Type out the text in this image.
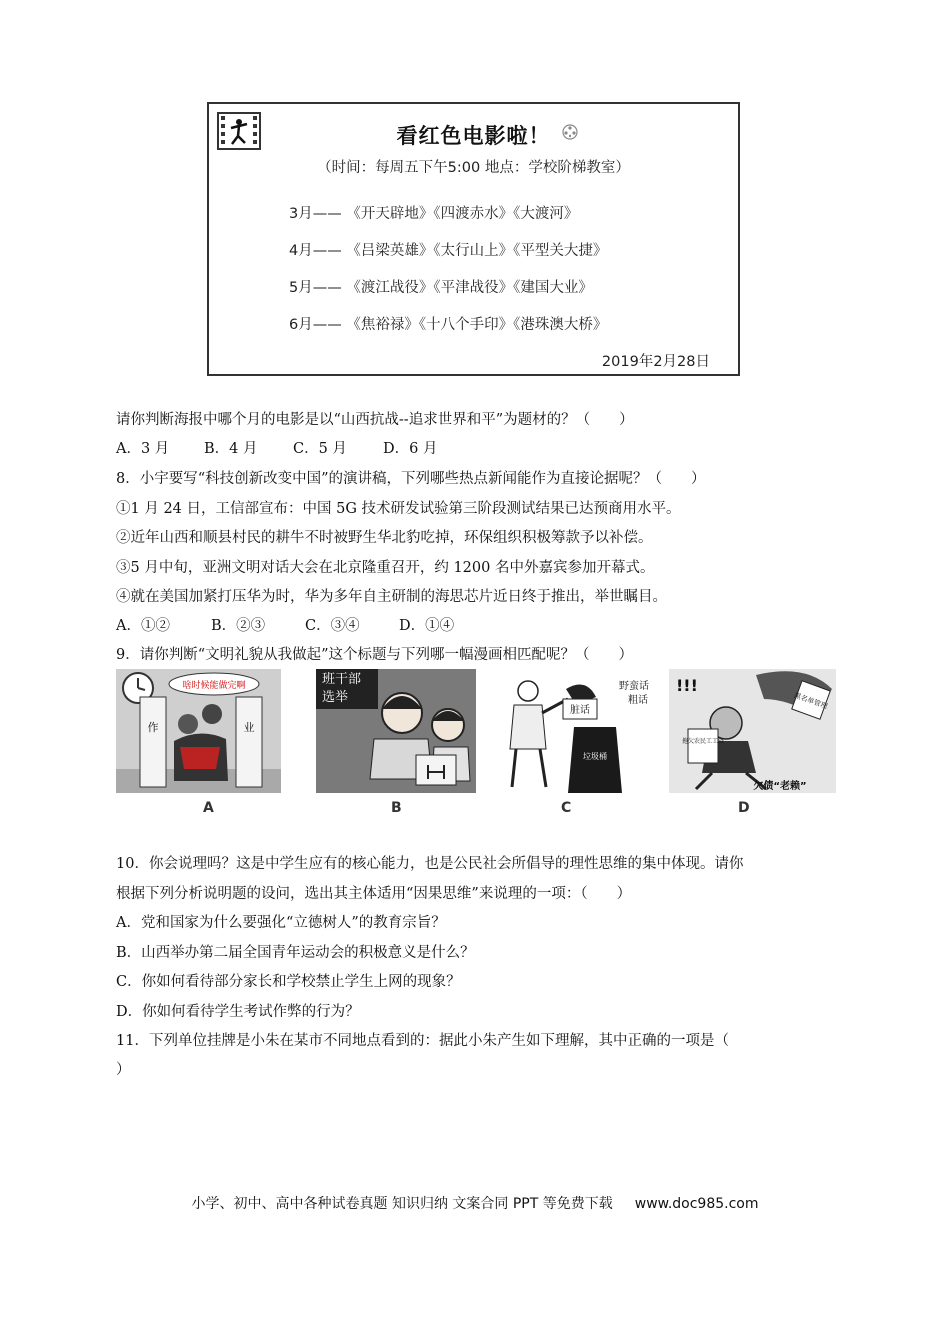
看红色电影啦！
（时间：每周五下午5:00 地点：学校阶梯教室）
3月—— 《开天辟地》《四渡赤水》《大渡河》
4月—— 《吕梁英雄》《太行山上》《平型关大捷》
5月—— 《渡江战役》《平津战役》《建国大业》
6月—— 《焦裕禄》《十八个手印》《港珠澳大桥》
2019年2月28日
请你判断海报中哪个月的电影是以“山西抗战--追求世界和平”为题材的？（　　）
A．3 月 B．4 月 C．5 月 D．6 月
8．小宇要写“科技创新改变中国”的演讲稿，下列哪些热点新闻能作为直接论据呢？（　　）
①1 月 24 日，工信部宣布：中国 5G 技术研发试验第三阶段测试结果已达预商用水平。
②近年山西和顺县村民的耕牛不时被野生华北豹吃掉，环保组织积极筹款予以补偿。
③5 月中旬，亚洲文明对话大会在北京隆重召开，约 1200 名中外嘉宾参加开幕式。
④就在美国加紧打压华为时，华为多年自主研制的海思芯片近日终于推出，举世瞩目。
A．①②	B．②③	C．③④	D．①④
9．请你判断“文明礼貌从我做起”这个标题与下列哪一幅漫画相匹配呢？（　　）
啥时候能做完啊
作	业
班干部
选举
脏话
野蛮话
粗话
垃圾桶
!!!
黑名单管理
拖欠农民工工资
欠债“老赖”
A	B	C	D
10．你会说理吗？这是中学生应有的核心能力，也是公民社会所倡导的理性思维的集中体现。请你
根据下列分析说明题的设问，选出其主体适用“因果思维”来说理的一项：（　　）
A．党和国家为什么要强化“立德树人”的教育宗旨？
B．山西举办第二届全国青年运动会的积极意义是什么？
C．你如何看待部分家长和学校禁止学生上网的现象？
D．你如何看待学生考试作弊的行为？
11．下列单位挂牌是小朱在某市不同地点看到的：据此小朱产生如下理解，其中正确的一项是（
）
小学、初中、高中各种试卷真题 知识归纳 文案合同 PPT 等免费下载 www.doc985.com
